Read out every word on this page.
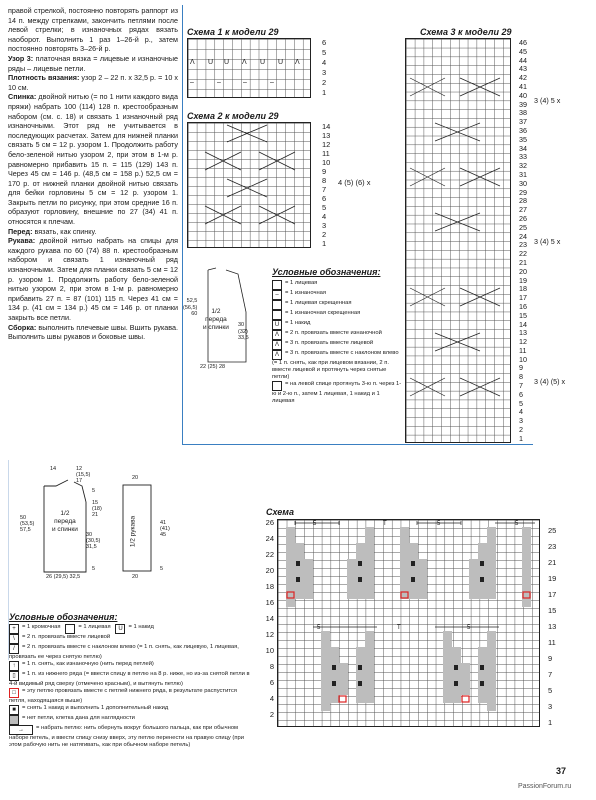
правой стрелкой, постоянно повторять раппорт из 14 п. между стрелками, закончить петлями после левой стрелки; в изнаночных рядах вязать наоборот. Выполнить 1 раз 1–26-й р., затем постоянно повторять 3–26-й р.

Узор 3: платочная вязка = лицевые и изнаночные ряды – лицевые петли.

Плотность вязания: узор 2 – 22 п. х 32,5 р. = 10 х 10 см.

Спинка: двойной нитью (= по 1 нити каждого вида пряжи) набрать 100 (114) 128 п. крестообразным набором (см. с. 18) и связать 1 изнаночный ряд изнаночными. Этот ряд не учитывается в последующих расчетах. Затем для нижней планки связать 5 см = 12 р. узором 1. Продолжить работу бело-зеленой нитью узором 2, при этом в 1-м р. равномерно прибавить 15 п. = 115 (129) 143 п. Через 45 см = 146 р. (48,5 см = 158 р.) 52,5 см = 170 р. от нижней планки двойной нитью связать для бейки горловины 5 см = 12 р. узором 1. Закрыть петли по рисунку, при этом средние 16 п. образуют горловину, внешние по 27 (34) 41 п. относятся к плечам.

Перед: вязать, как спинку.

Рукава: двойной нитью набрать на спицы для каждого рукава по 60 (74) 88 п. крестообразным набором и связать 1 изнаночный ряд изнаночными. Затем для планки связать 5 см = 12 р. узором 1. Продолжить работу бело-зеленой нитью узором 2, при этом в 1-м р. равномерно прибавить 27 п. = 87 (101) 115 п. Через 41 см = 134 р. (41 см = 134 р.) 45 см = 146 р. от планки закрыть все петли.

Сборка: выполнить плечевые швы. Вшить рукава. Выполнить швы рукавов и боковые швы.

Схема 1 к модели 29
Λ U U Λ U U Λ
–	–	–	–
6
5
4
3
2
1
Схема 2 к модели 29
14
13
12
11
10
9
8
7
6
5
4
3
2
1
4 (5) (6) х
Схема 3 к модели 29
46
45
44
43
42
41
40
39
38
37
36
35
34
33
32
31
30
29
28
27
26
25
24
23
22
21
20
19
18
17
16
15
14
13
12
11
10
9
8
7
6
5
4
3
2
1
3 (4) 5 х
3 (4) 5 х
3 (4) (5) х
1/2
переда
и спинки
52,5
(56,5)
60
30
(32)
33,5
22 (25) 28
Условные обозначения:
= 1 лицевая
– = 1 изнаночная
= 1 лицевая скрещенная
= 1 изнаночная скрещенная
U = 1 накид
Λ = 2 п. провязать вместе изнаночной
Λ = 3 п. провязать вместе лицевой
Λ = 3 п. провязать вместе с наклоном влево (= 1 п. снять, как при лицевом вязании, 2 п. вместе лицевой и протянуть через снятые петли)
= на левой спице протянуть 3-ю п. через 1-ю и 2-ю п., затем 1 лицевая, 1 накид и 1 лицевая
1/2
переда
и спинки
14	12
(15,5)
17
5
15
(18)
21
50
(53,5)
57,5
30
(30,5)
31,5
5
26 (29,5) 32,5
1/2 рукава
20
41
(41)
45
5
20
Условные обозначения:
+ = 1 кромочная	= 1 лицевая U = 1 накид
\ = 2 п. провязать вместе лицевой
/ = 2 п. провязать вместе с наклоном влево (= 1 п. снять, как лицевую, 1 лицевая, провязать ее через снятую петлю)
↑ = 1 п. снять, как изнаночную (нить перед петлей)
▯ = 1 п. из нижнего ряда (= ввести спицу в петлю на 8 р. ниже, но из-за снятой петли в 4-й видимый ряд сверху (отмечено красным), и вытянуть петлю)
□ = эту петлю провязать вместе с петлей нижнего ряда, в результате распустится петля, находящаяся выше)
■ = снять 1 накид и выполнить 1 дополнительный накид
= нет петли, клетка дана для наглядности
→ = набрать петлю: нить обернуть вокруг большого пальца, как при обычном наборе петель, и ввести спицу снизу вверх, эту петлю перенести на правую спицу (при этом рабочую нить не натягивать, как при обычном наборе петель)
Схема
5	5	5
5	T	5
T
26
24
22
20
18
16
14
12
10
8
6
4
2
25
23
21
19
17
15
13
11
9
7
5
3
1
37
PassionForum.ru
